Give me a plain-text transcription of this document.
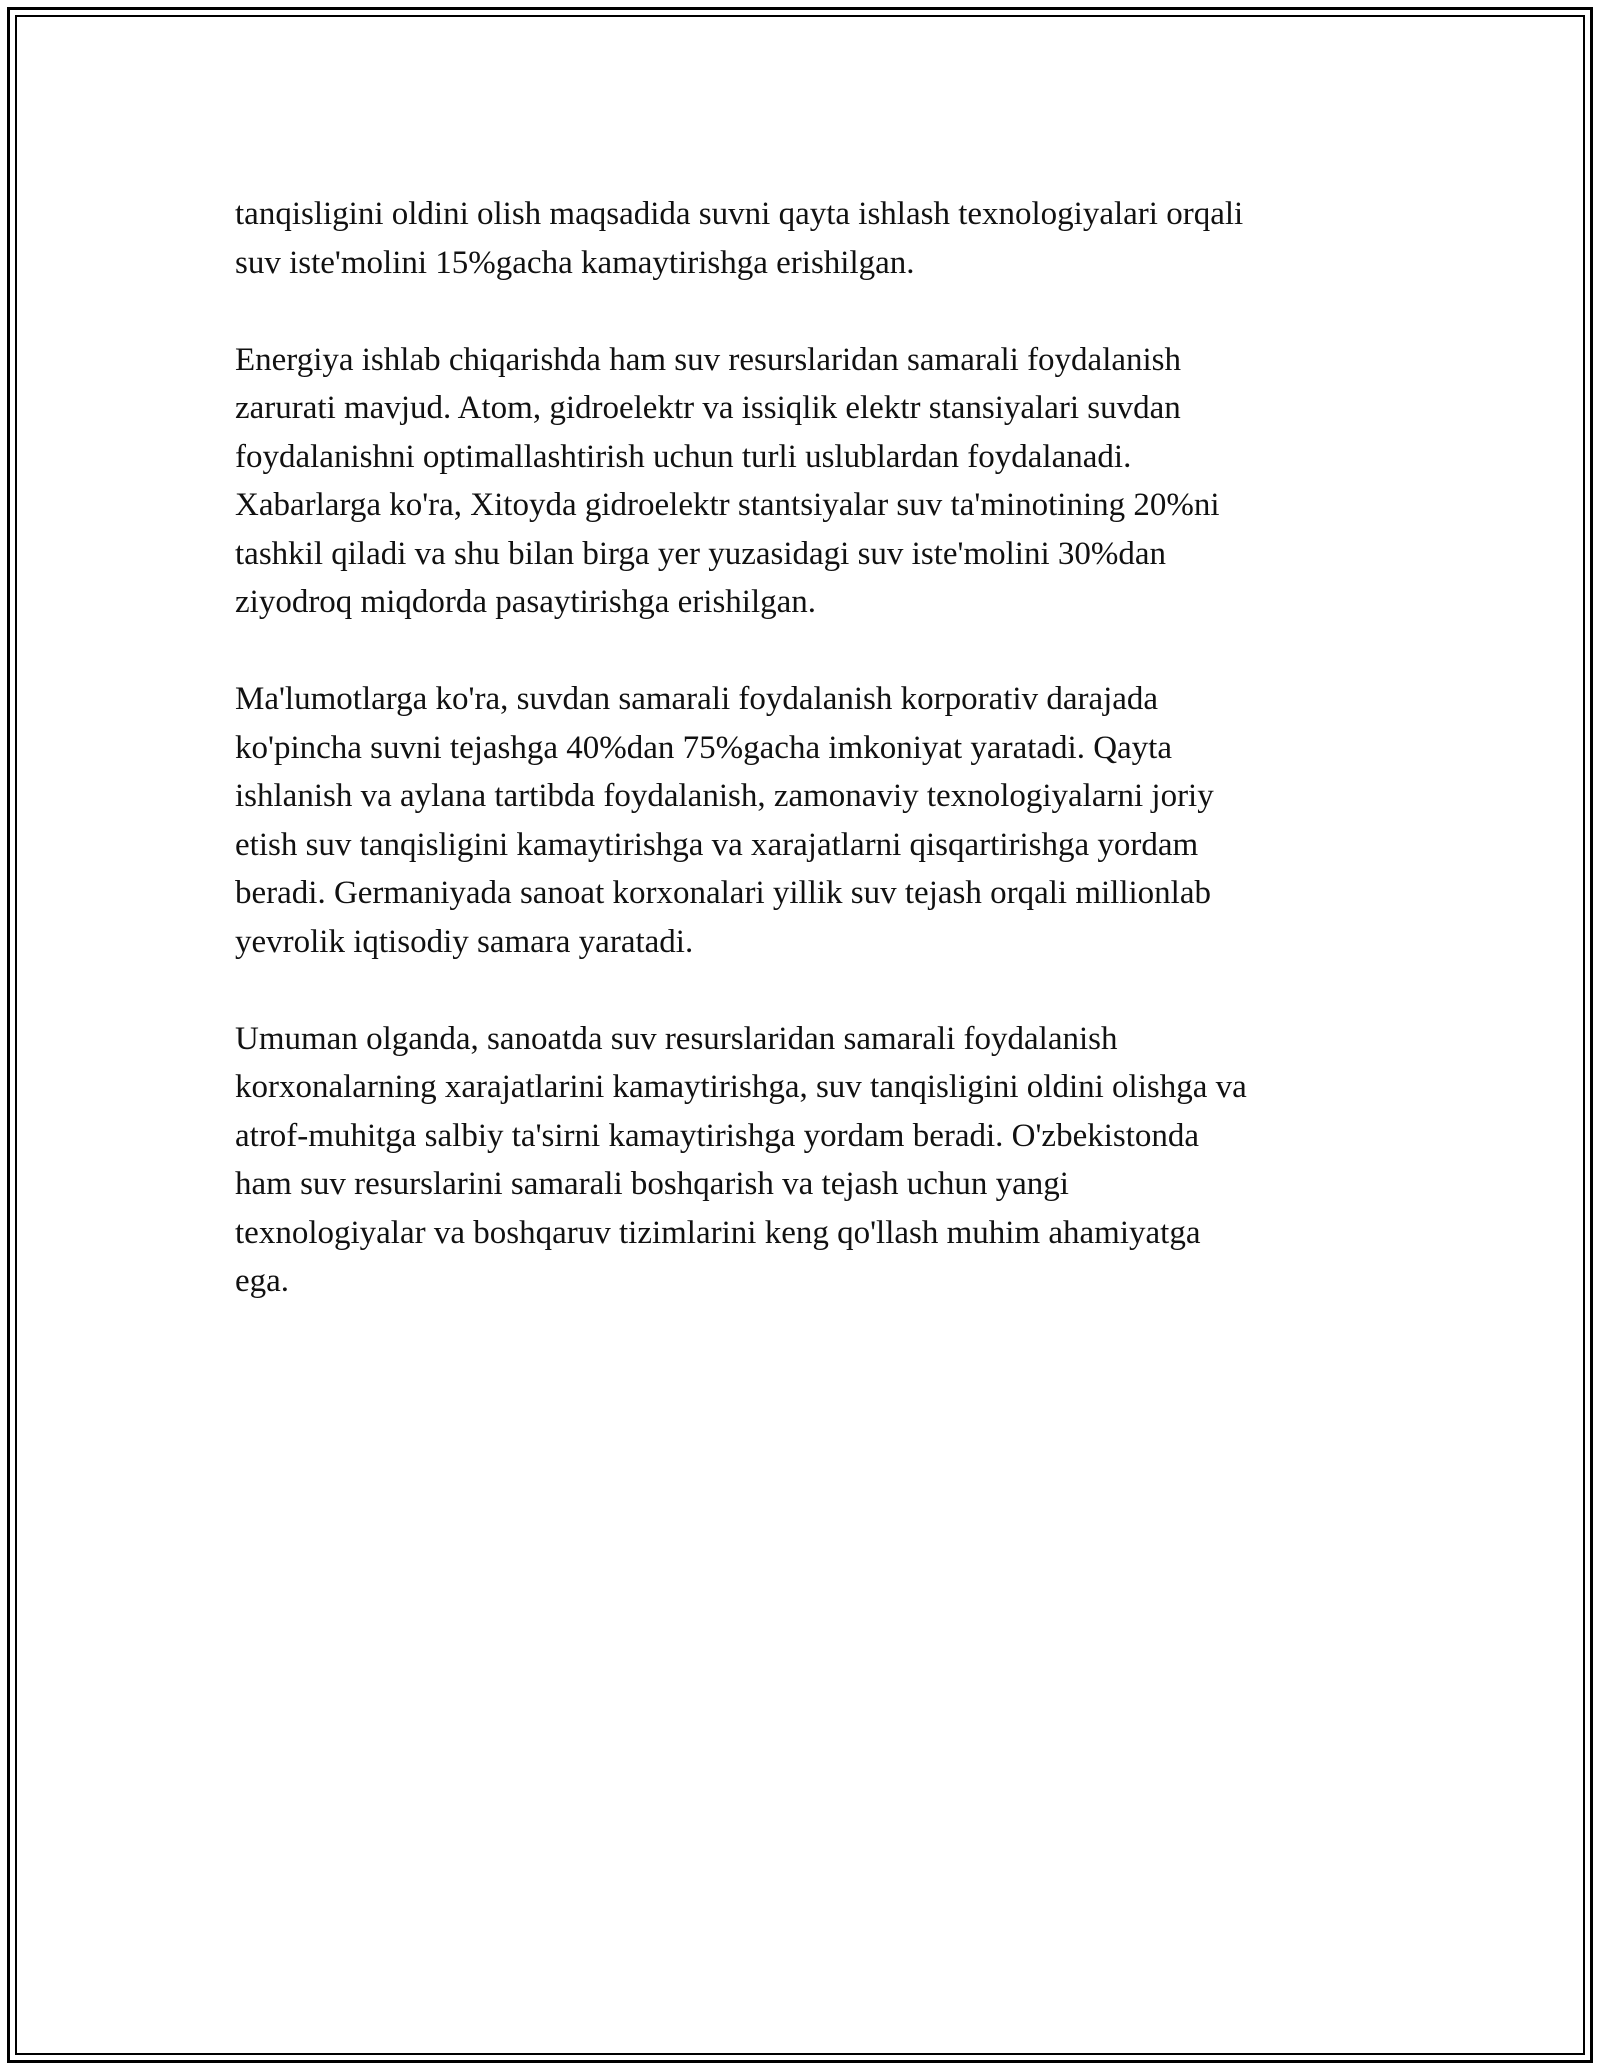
tanqisligini oldini olish maqsadida suvni qayta ishlash texnologiyalari orqali
suv iste'molini 15%gacha kamaytirishga erishilgan.

Energiya ishlab chiqarishda ham suv resurslaridan samarali foydalanish
zarurati mavjud. Atom, gidroelektr va issiqlik elektr stansiyalari suvdan
foydalanishni optimallashtirish uchun turli uslublardan foydalanadi.
Xabarlarga ko'ra, Xitoyda gidroelektr stantsiyalar suv ta'minotining 20%ni
tashkil qiladi va shu bilan birga yer yuzasidagi suv iste'molini 30%dan
ziyodroq miqdorda pasaytirishga erishilgan.

Ma'lumotlarga ko'ra, suvdan samarali foydalanish korporativ darajada
ko'pincha suvni tejashga 40%dan 75%gacha imkoniyat yaratadi. Qayta
ishlanish va aylana tartibda foydalanish, zamonaviy texnologiyalarni joriy
etish suv tanqisligini kamaytirishga va xarajatlarni qisqartirishga yordam
beradi. Germaniyada sanoat korxonalari yillik suv tejash orqali millionlab
yevrolik iqtisodiy samara yaratadi.

Umuman olganda, sanoatda suv resurslaridan samarali foydalanish
korxonalarning xarajatlarini kamaytirishga, suv tanqisligini oldini olishga va
atrof-muhitga salbiy ta'sirni kamaytirishga yordam beradi. O'zbekistonda
ham suv resurslarini samarali boshqarish va tejash uchun yangi
texnologiyalar va boshqaruv tizimlarini keng qo'llash muhim ahamiyatga
ega.
